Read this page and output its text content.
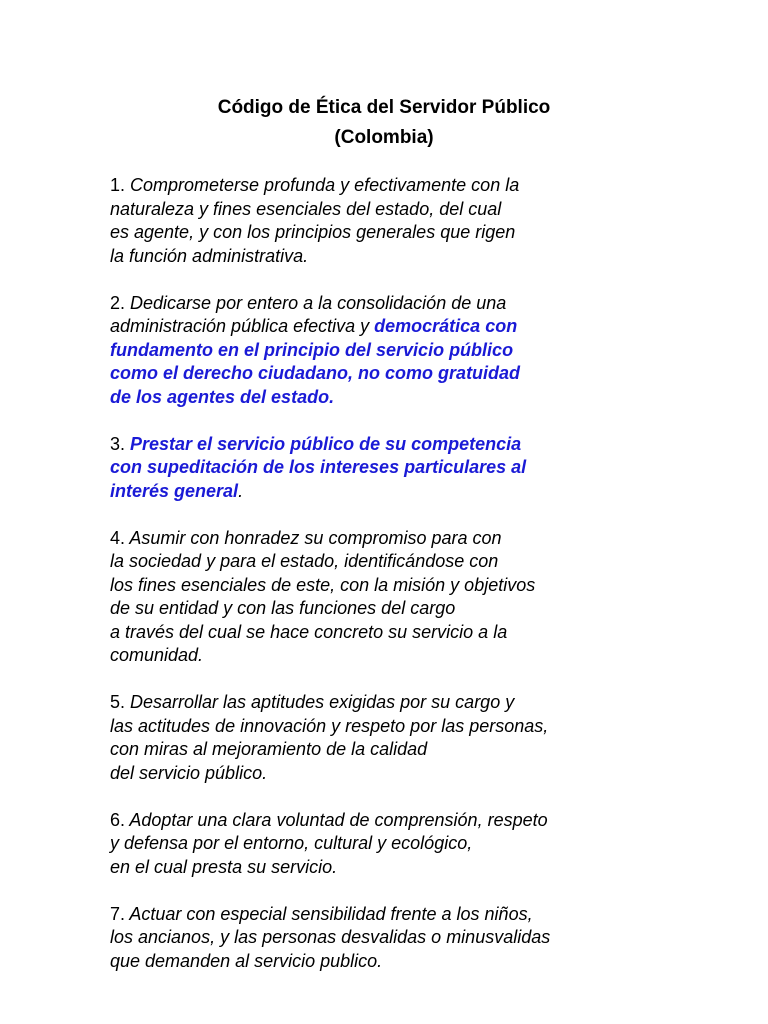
Código de Ética del Servidor Público
(Colombia)
1. Comprometerse profunda y efectivamente con la
naturaleza y fines esenciales del estado, del cual
es agente, y con los principios generales que rigen
la función administrativa.
2. Dedicarse por entero a la consolidación de una
administración pública efectiva y democrática con
fundamento en el principio del servicio público
como el derecho ciudadano, no como gratuidad
de los agentes del estado.
3. Prestar el servicio público de su competencia
con supeditación de los intereses particulares al
interés general.
4. Asumir con honradez su compromiso para con
la sociedad y para el estado, identificándose con
los fines esenciales de este, con la misión y objetivos
de su entidad y con las funciones del cargo
a través del cual se hace concreto su servicio a la
comunidad.
5. Desarrollar las aptitudes exigidas por su cargo y
las actitudes de innovación y respeto por las personas,
con miras al mejoramiento de la calidad
del servicio público.
6. Adoptar una clara voluntad de comprensión, respeto
y defensa por el entorno, cultural y ecológico,
en el cual presta su servicio.
7. Actuar con especial sensibilidad frente a los niños,
los ancianos, y las personas desvalidas o minusvalidas
que demanden al servicio publico.
